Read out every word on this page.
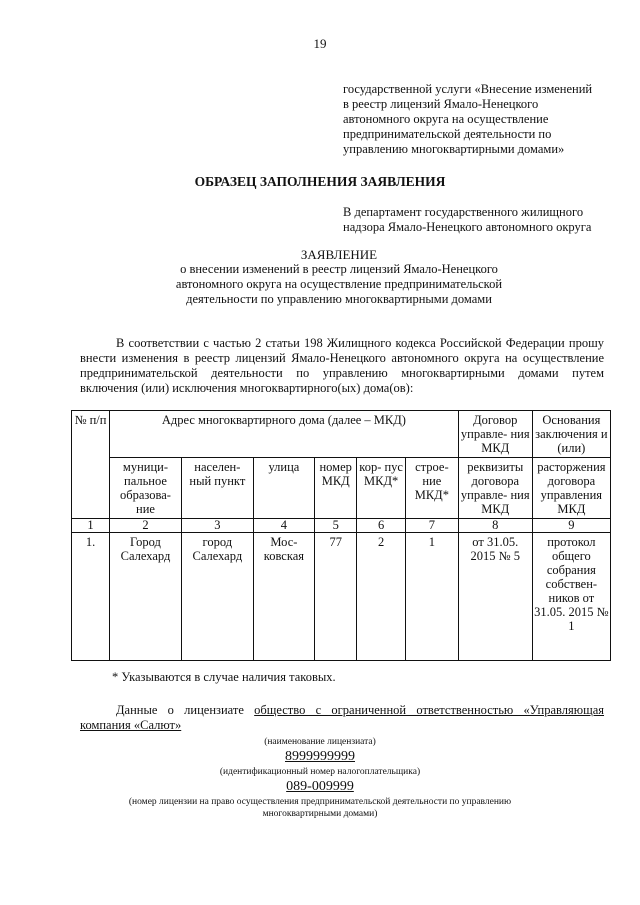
19
государственной услуги «Внесение изменений
в реестр лицензий Ямало-Ненецкого
автономного округа на осуществление
предпринимательской деятельности по
управлению многоквартирными домами»
ОБРАЗЕЦ ЗАПОЛНЕНИЯ ЗАЯВЛЕНИЯ
В департамент государственного жилищного
надзора Ямало-Ненецкого автономного округа
ЗАЯВЛЕНИЕ
о внесении изменений в реестр лицензий Ямало-Ненецкого
автономного округа на осуществление предпринимательской
деятельности по управлению многоквартирными домами
В соответствии с частью 2 статьи 198 Жилищного кодекса Российской Федерации прошу
внести изменения в реестр лицензий Ямало-Ненецкого автономного округа на осуществление
предпринимательской деятельности по управлению многоквартирными домами путем
включения (или) исключения многоквартирного(ых) дома(ов):
№ п/п	Адрес многоквартирного дома (далее – МКД)						Договор управле- ния МКД	Основания заключения и (или)
	муници- пальное образова- ние	населен- ный пункт	улица	номер МКД	кор- пус МКД*	строе- ние МКД*	реквизиты договора управле- ния МКД	расторжения договора управления МКД
1	2	3	4	5	6	7	8	9
1.	Город Салехард	город Салехард	Мос- ковская	77	2	1	от 31.05. 2015 № 5	протокол общего собрания собствен- ников от 31.05. 2015 № 1
* Указываются в случае наличия таковых.
Данные о лицензиате общество с ограниченной ответственностью «Управляющая
компания «Салют»
(наименование лицензиата)
8999999999
(идентификационный номер налогоплательщика)
089-009999
(номер лицензии на право осуществления предпринимательской деятельности по управлению
многоквартирными домами)
